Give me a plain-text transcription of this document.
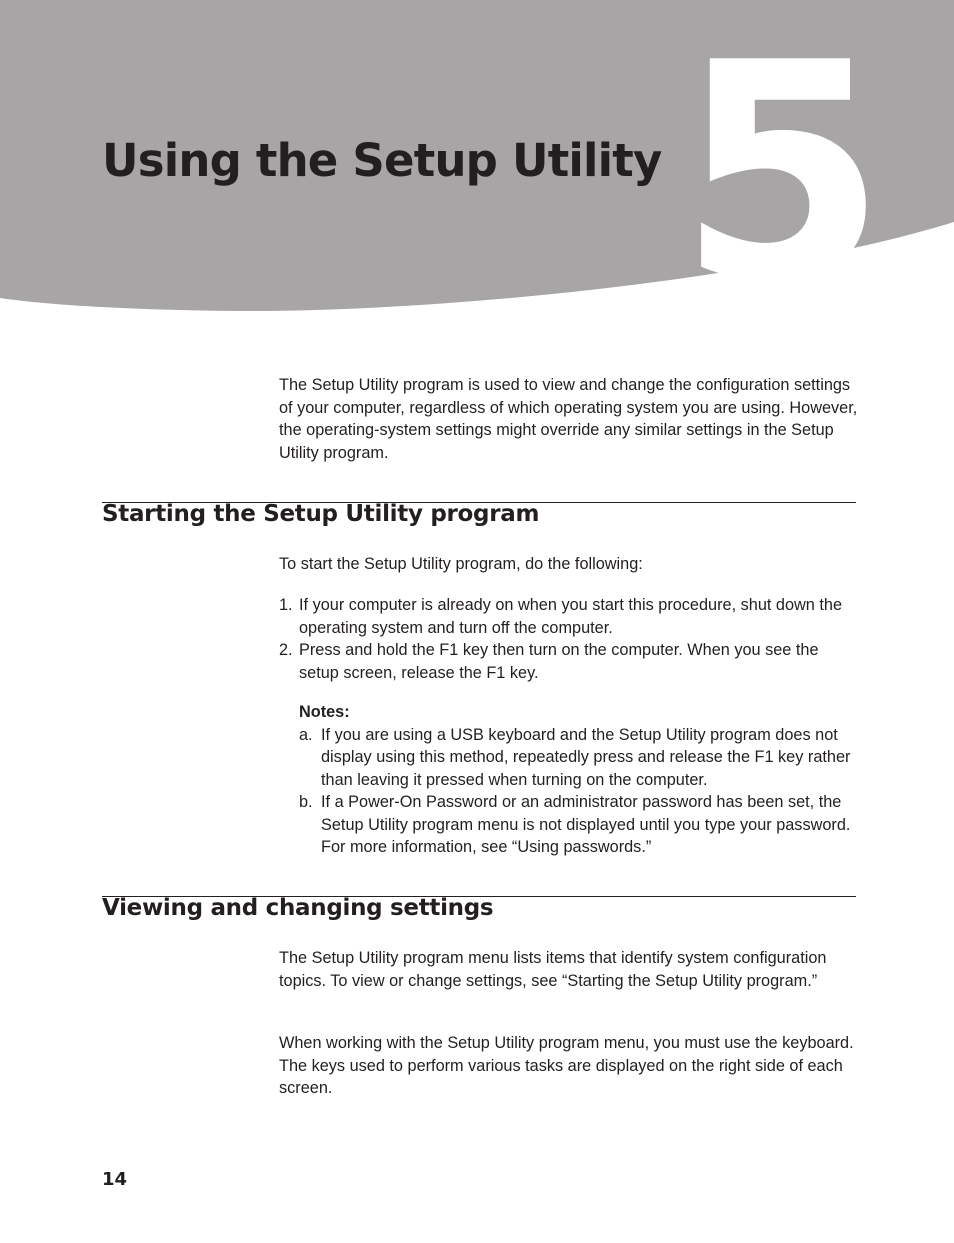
5
Using the Setup Utility

The Setup Utility program is used to view and change the configuration settings of your computer, regardless of which operating system you are using. However, the operating-system settings might override any similar settings in the Setup Utility program.

Starting the Setup Utility program

To start the Setup Utility program, do the following:

1. If your computer is already on when you start this procedure, shut down the operating system and turn off the computer.
2. Press and hold the F1 key then turn on the computer. When you see the setup screen, release the F1 key.

Notes:

a. If you are using a USB keyboard and the Setup Utility program does not display using this method, repeatedly press and release the F1 key rather than leaving it pressed when turning on the computer.
b. If a Power-On Password or an administrator password has been set, the Setup Utility program menu is not displayed until you type your password. For more information, see “Using passwords.”
Viewing and changing settings

The Setup Utility program menu lists items that identify system configuration topics. To view or change settings, see “Starting the Setup Utility program.”

When working with the Setup Utility program menu, you must use the keyboard. The keys used to perform various tasks are displayed on the right side of each screen.

14
